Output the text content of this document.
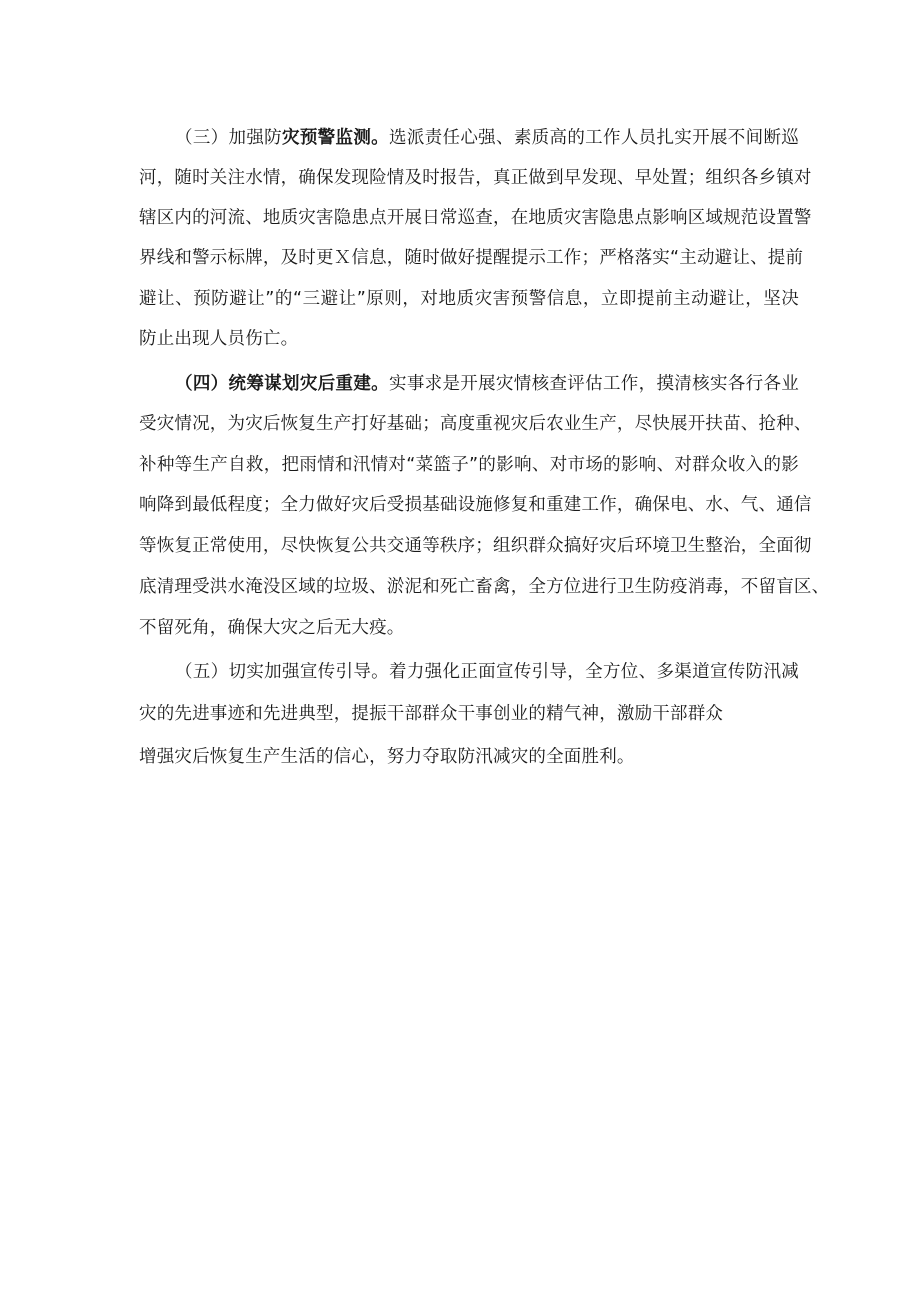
（三）加强防灾预警监测。选派责任心强、素质高的工作人员扎实开展不间断巡
河，随时关注水情，确保发现险情及时报告，真正做到早发现、早处置；组织各乡镇对
辖区内的河流、地质灾害隐患点开展日常巡查，在地质灾害隐患点影响区域规范设置警
界线和警示标牌，及时更Ｘ信息，随时做好提醒提示工作；严格落实“主动避让、提前
避让、预防避让”的“三避让”原则，对地质灾害预警信息，立即提前主动避让，坚决
防止出现人员伤亡。
（四）统筹谋划灾后重建。实事求是开展灾情核查评估工作，摸清核实各行各业
受灾情况，为灾后恢复生产打好基础；高度重视灾后农业生产，尽快展开扶苗、抢种、
补种等生产自救，把雨情和汛情对“菜篮子”的影响、对市场的影响、对群众收入的影
响降到最低程度；全力做好灾后受损基础设施修复和重建工作，确保电、水、气、通信
等恢复正常使用，尽快恢复公共交通等秩序；组织群众搞好灾后环境卫生整治，全面彻
底清理受洪水淹没区域的垃圾、淤泥和死亡畜禽，全方位进行卫生防疫消毒，不留盲区、
不留死角，确保大灾之后无大疫。
（五）切实加强宣传引导。着力强化正面宣传引导，全方位、多渠道宣传防汛减
灾的先进事迹和先进典型，提振干部群众干事创业的精气神，激励干部群众
增强灾后恢复生产生活的信心，努力夺取防汛减灾的全面胜利。
